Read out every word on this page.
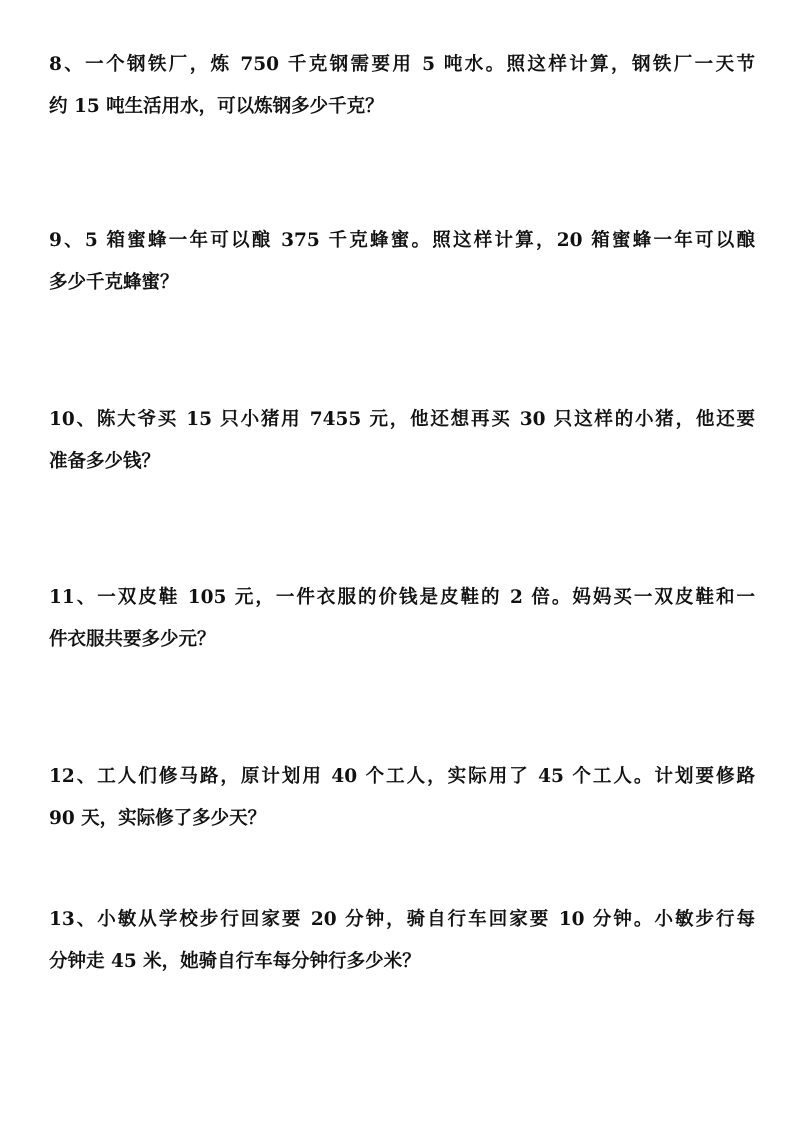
8、一个钢铁厂，炼 750 千克钢需要用 5 吨水。照这样计算，钢铁厂一天节
约 15 吨生活用水，可以炼钢多少千克？
9、5 箱蜜蜂一年可以酿 375 千克蜂蜜。照这样计算，20 箱蜜蜂一年可以酿
多少千克蜂蜜？
10、陈大爷买 15 只小猪用 7455 元，他还想再买 30 只这样的小猪，他还要
准备多少钱？
11、一双皮鞋 105 元，一件衣服的价钱是皮鞋的 2 倍。妈妈买一双皮鞋和一
件衣服共要多少元？
12、工人们修马路，原计划用 40 个工人，实际用了 45 个工人。计划要修路
90 天，实际修了多少天？
13、小敏从学校步行回家要 20 分钟，骑自行车回家要 10 分钟。小敏步行每
分钟走 45 米，她骑自行车每分钟行多少米？
